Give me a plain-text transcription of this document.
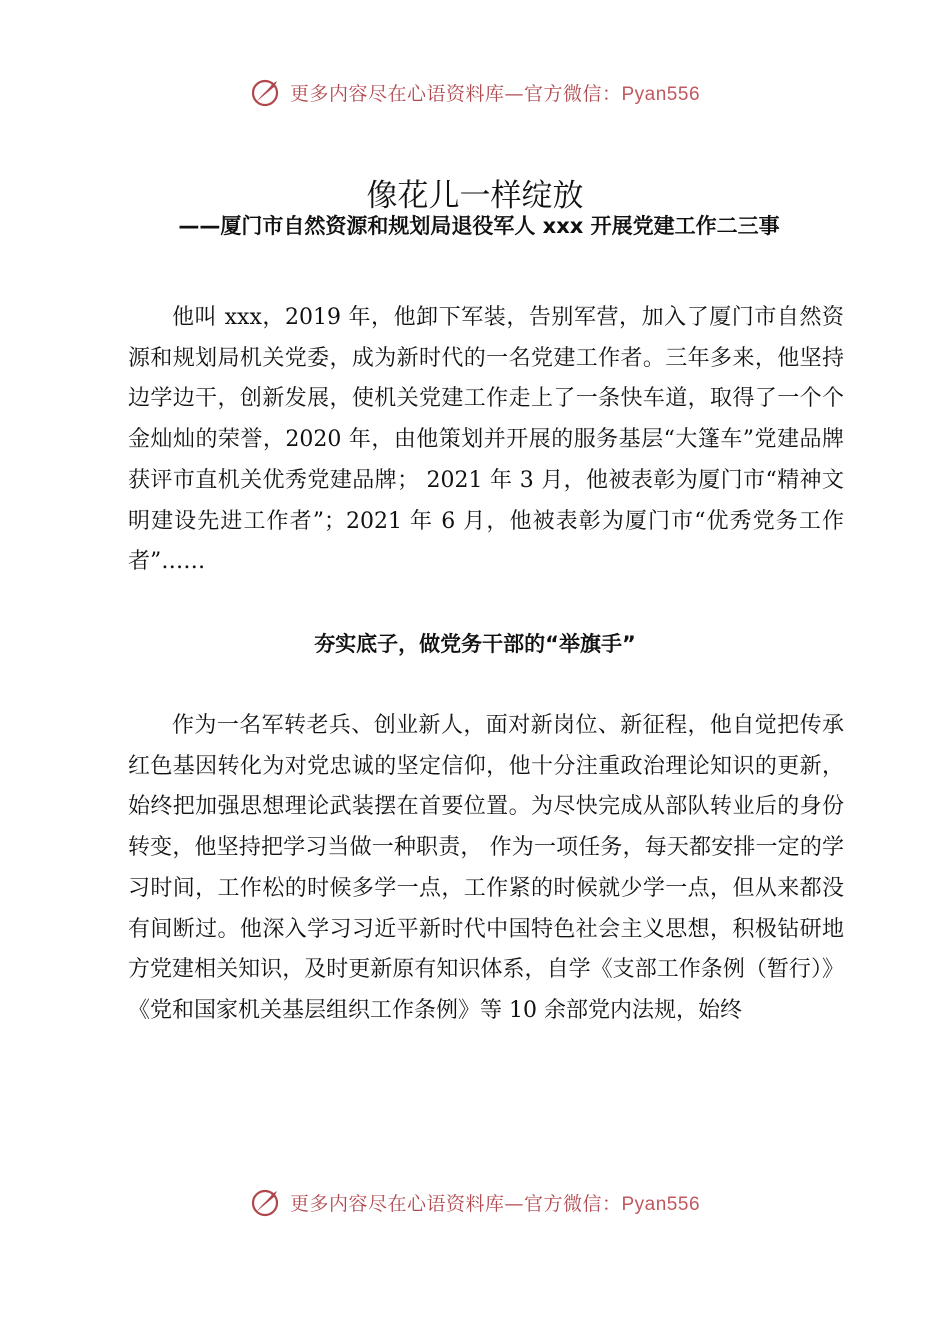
更多内容尽在心语资料库—官方微信：Pyan556
像花儿一样绽放
——厦门市自然资源和规划局退役军人 xxx 开展党建工作二三事

他叫 xxx，2019 年，他卸下军装，告别军营，加入了厦门市自然资源和规划局机关党委，成为新时代的一名党建工作者。三年多来，他坚持边学边干，创新发展，使机关党建工作走上了一条快车道，取得了一个个金灿灿的荣誉，2020 年，由他策划并开展的服务基层“大篷车”党建品牌获评市直机关优秀党建品牌； 2021 年 3 月，他被表彰为厦门市“精神文明建设先进工作者”；2021 年 6 月，他被表彰为厦门市“优秀党务工作者”……

夯实底子，做党务干部的“举旗手”

作为一名军转老兵、创业新人，面对新岗位、新征程，他自觉把传承红色基因转化为对党忠诚的坚定信仰，他十分注重政治理论知识的更新，始终把加强思想理论武装摆在首要位置。为尽快完成从部队转业后的身份转变，他坚持把学习当做一种职责， 作为一项任务，每天都安排一定的学习时间，工作松的时候多学一点，工作紧的时候就少学一点，但从来都没有间断过。他深入学习习近平新时代中国特色社会主义思想，积极钻研地方党建相关知识，及时更新原有知识体系，自学《支部工作条例（暂行）》《党和国家机关基层组织工作条例》等 10 余部党内法规，始终

更多内容尽在心语资料库—官方微信：Pyan556
